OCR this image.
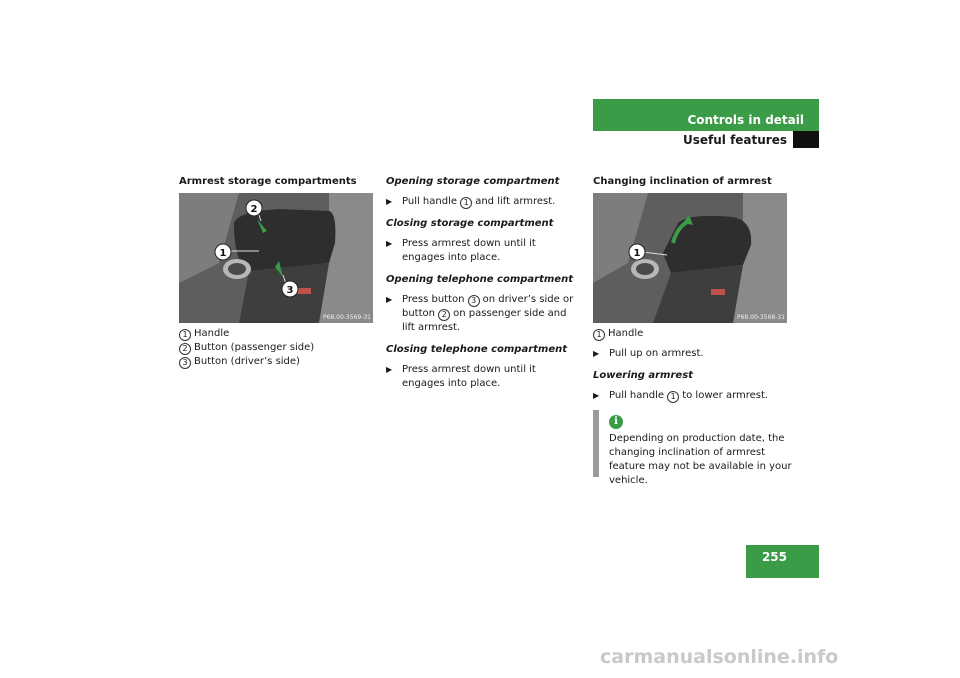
Controls in detail
Useful features
Armrest storage compartments
1
2
3
P68.00-3569-31
1 Handle
2 Button (passenger side)
3 Button (driver’s side)
Opening storage compartment
▶ Pull handle 1 and lift armrest.
Closing storage compartment
▶ Press armrest down until it engages into place.
Opening telephone compartment
▶ Press button 3 on driver’s side or button 2 on passenger side and lift armrest.
Closing telephone compartment
▶ Press armrest down until it engages into place.
Changing inclination of armrest
1
P68.00-3568-31
1 Handle
▶ Pull up on armrest.
Lowering armrest
▶ Pull handle 1 to lower armrest.
i
Depending on production date, the changing inclination of armrest feature may not be available in your vehicle.
255
carmanualsonline.info
